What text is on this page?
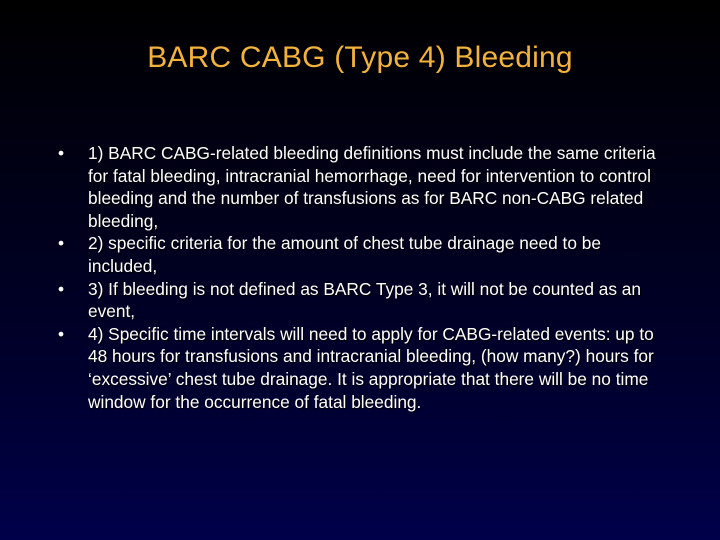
BARC CABG (Type 4) Bleeding
•	1) BARC CABG-related bleeding definitions must include the same criteria for fatal bleeding, intracranial hemorrhage, need for intervention to control bleeding and the number of transfusions as for BARC non-CABG related bleeding,
•	2) specific criteria for the amount of chest tube drainage need to be included,
•	3) If bleeding is not defined as BARC Type 3, it will not be counted as an event,
•	4) Specific time intervals will need to apply for CABG-related events: up to 48 hours for transfusions and intracranial bleeding, (how many?) hours for ‘excessive’ chest tube drainage. It is appropriate that there will be no time window for the occurrence of fatal bleeding.
